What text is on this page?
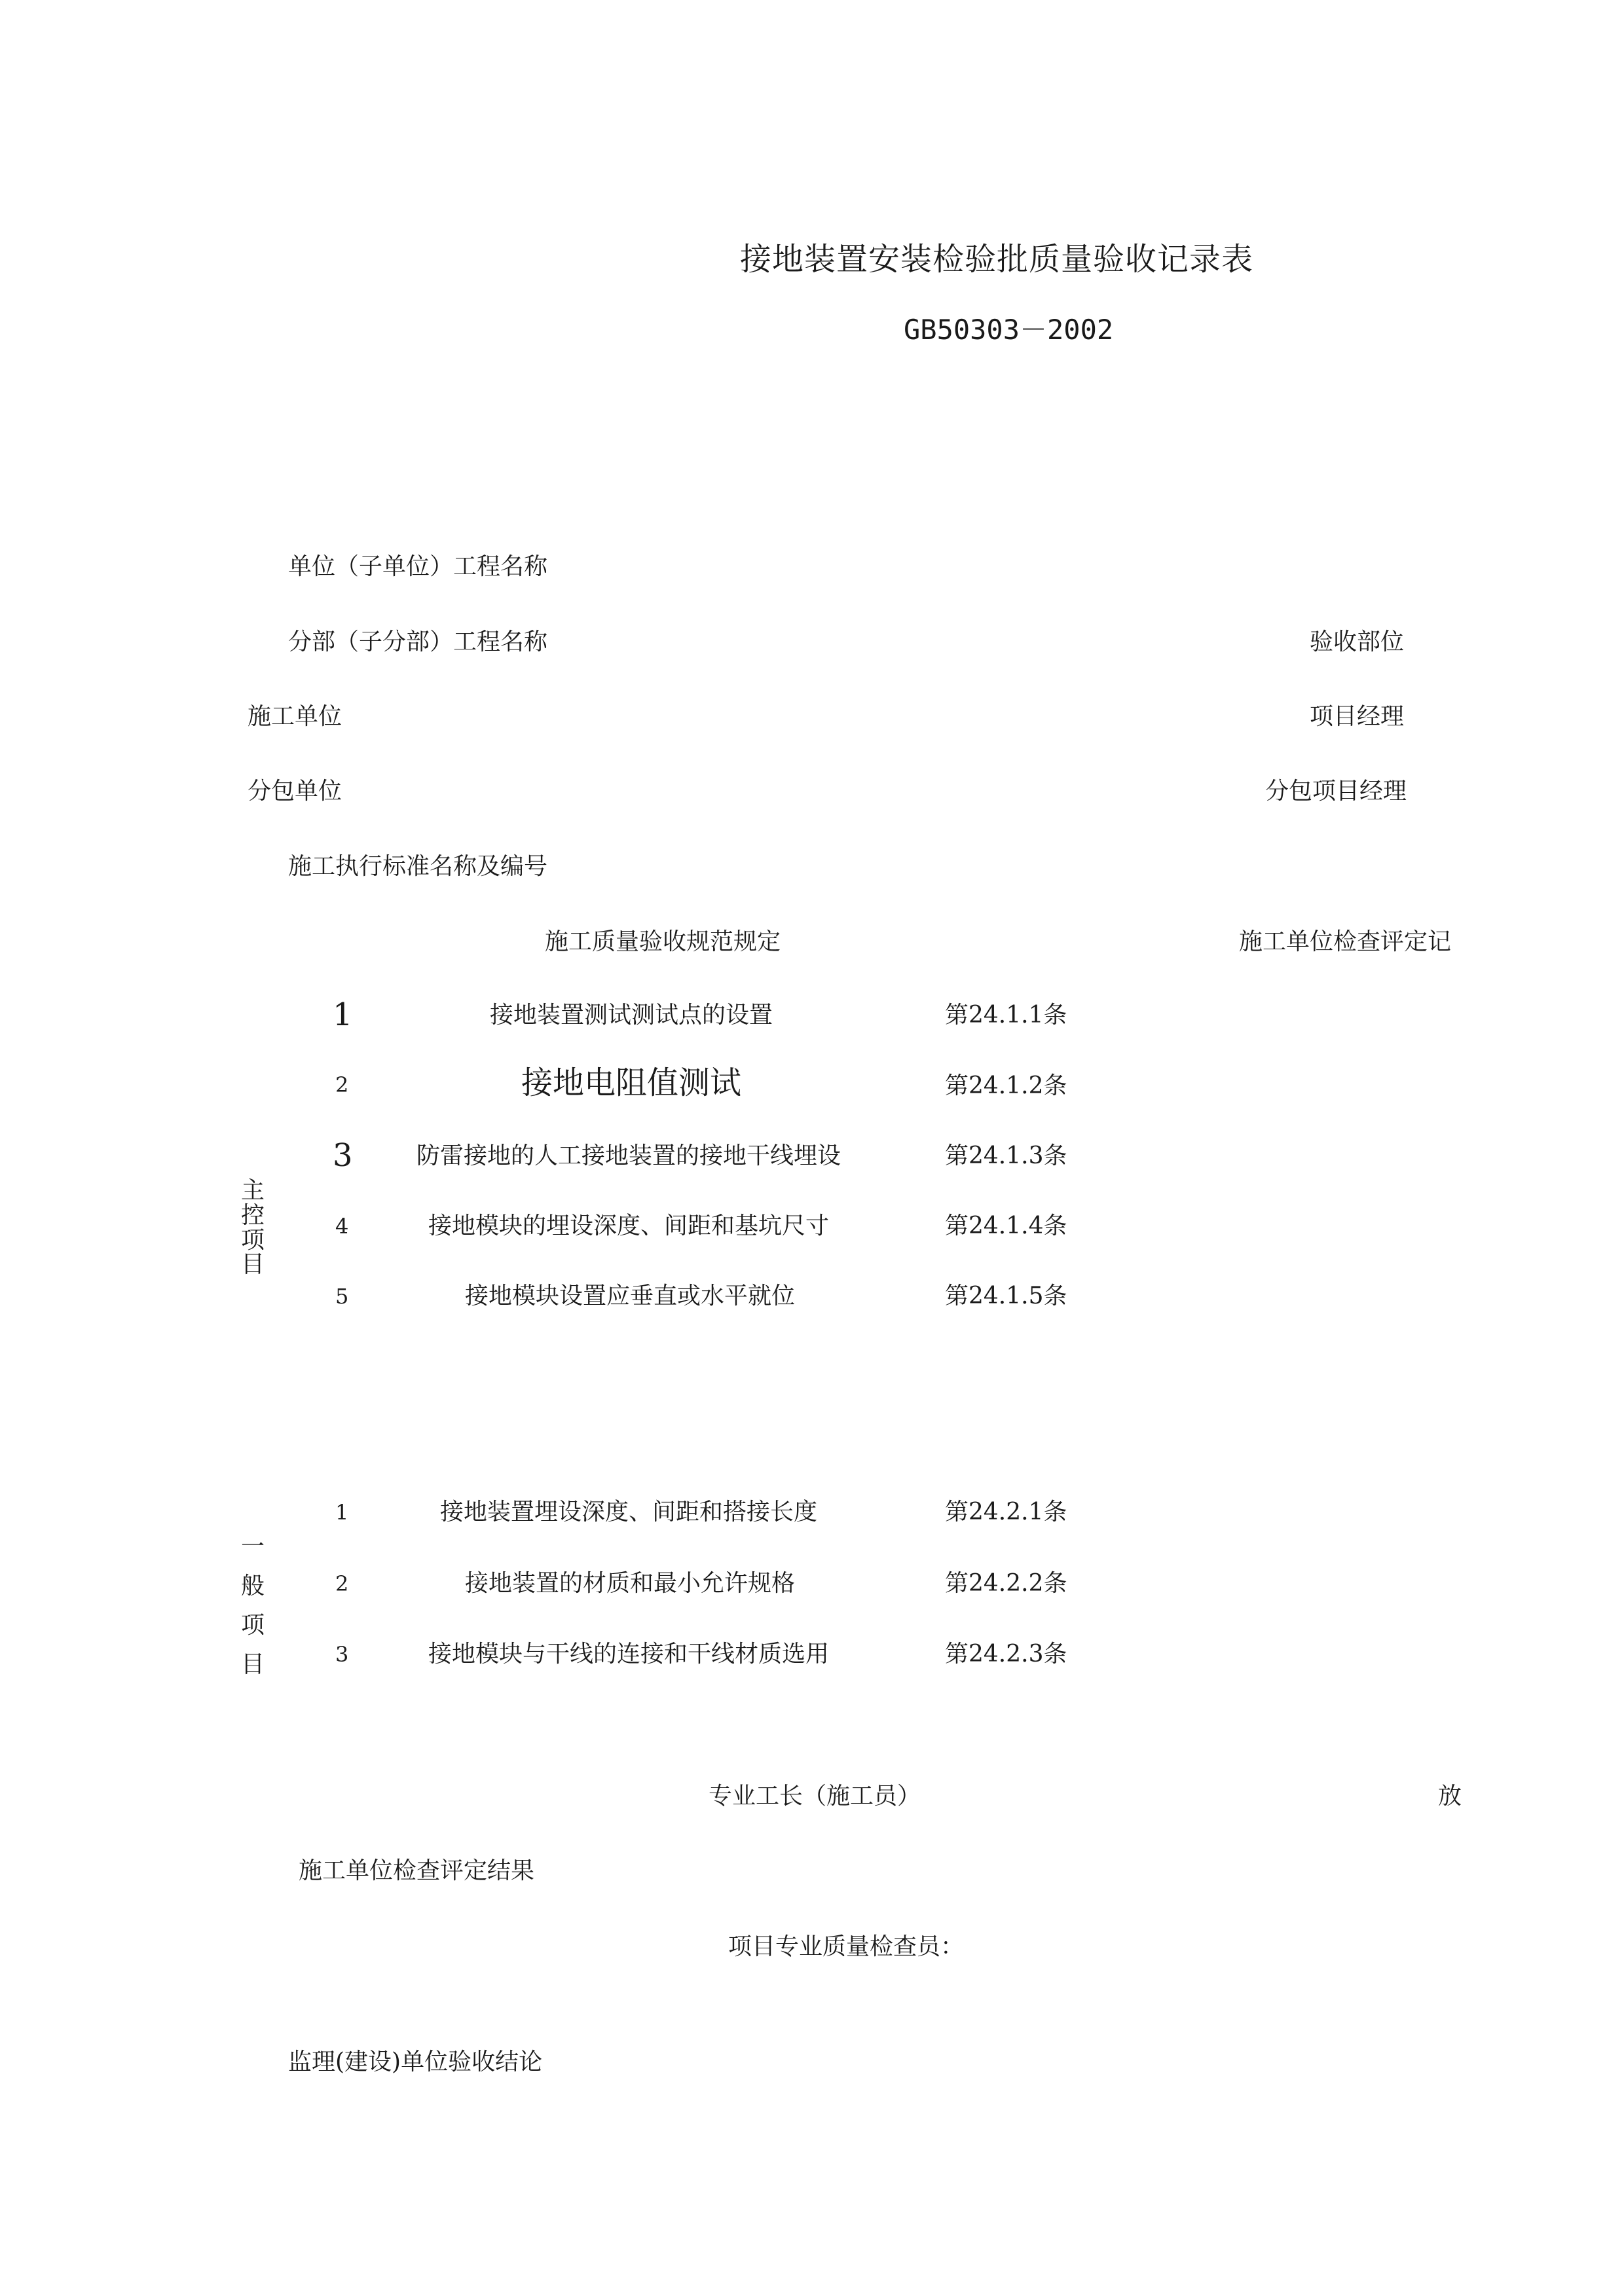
接地装置安装检验批质量验收记录表
GB50303－2002
单位（子单位）工程名称
分部（子分部）工程名称	验收部位
施工单位	项目经理
分包单位	分包项目经理
施工执行标准名称及编号
施工质量验收规范规定	施工单位检查评定记
主
控
项
目
1	接地装置测试测试点的设置	第24.1.1条
2	接地电阻值测试	第24.1.2条
3	防雷接地的人工接地装置的接地干线埋设	第24.1.3条
4	接地模块的埋设深度、间距和基坑尺寸	第24.1.4条
5	接地模块设置应垂直或水平就位	第24.1.5条
一
般
项
目
1	接地装置埋设深度、间距和搭接长度	第24.2.1条
2	接地装置的材质和最小允许规格	第24.2.2条
3	接地模块与干线的连接和干线材质选用	第24.2.3条
专业工长（施工员）	放
施工单位检查评定结果
项目专业质量检查员：
监理(建设)单位验收结论
